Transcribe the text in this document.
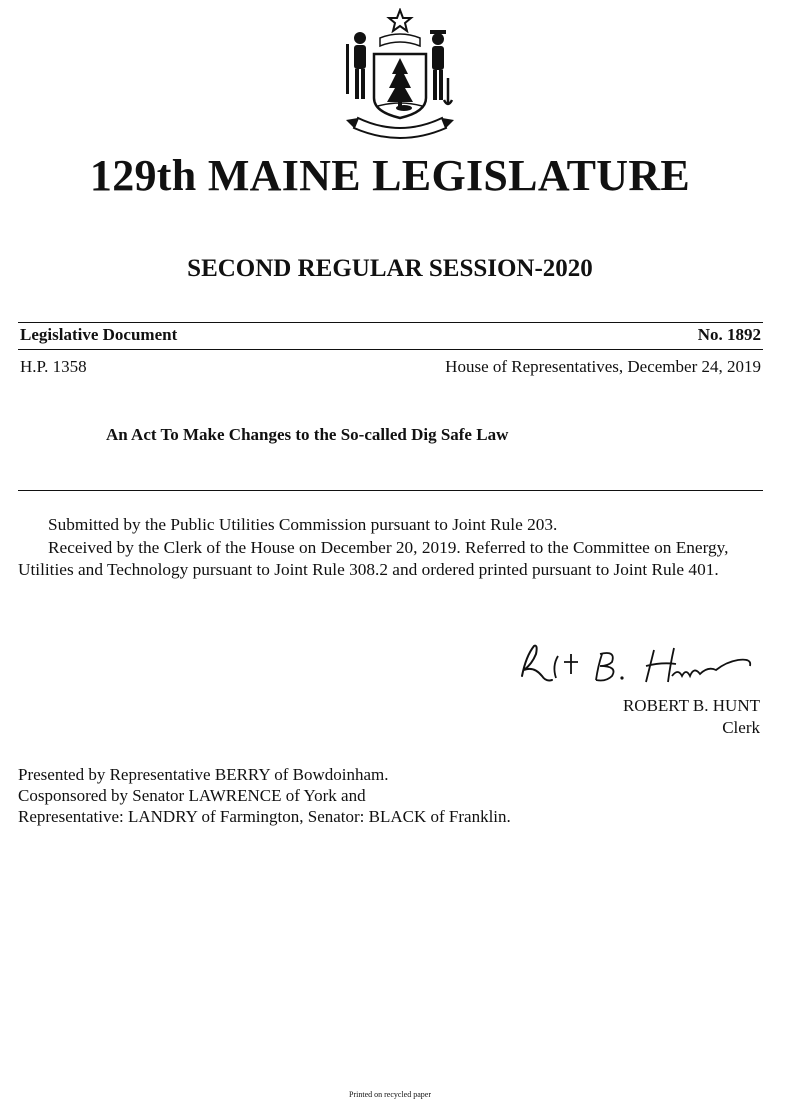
129th MAINE LEGISLATURE
SECOND REGULAR SESSION-2020
Legislative Document	No. 1892
H.P. 1358	House of Representatives, December 24, 2019
An Act To Make Changes to the So-called Dig Safe Law

Submitted by the Public Utilities Commission pursuant to Joint Rule 203.

Received by the Clerk of the House on December 20, 2019. Referred to the Committee on Energy, Utilities and Technology pursuant to Joint Rule 308.2 and ordered printed pursuant to Joint Rule 401.

ROBERT B. HUNT
Clerk
Presented by Representative BERRY of Bowdoinham.
Cosponsored by Senator LAWRENCE of York and
Representative: LANDRY of Farmington, Senator: BLACK of Franklin.
Printed on recycled paper
